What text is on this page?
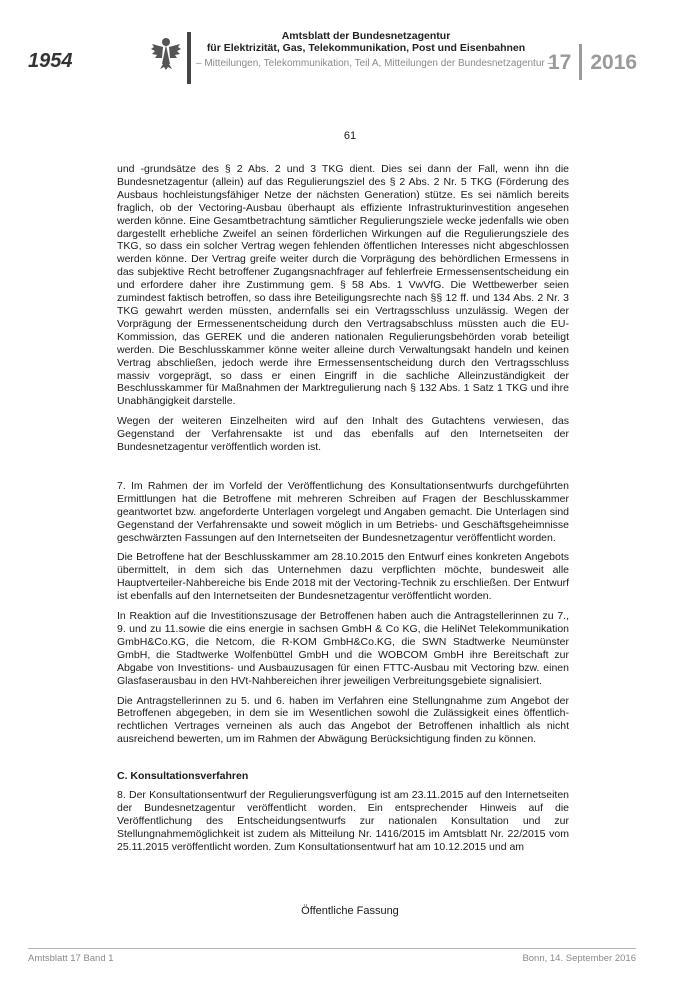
1954
Amtsblatt der Bundesnetzagentur
für Elektrizität, Gas, Telekommunikation, Post und Eisenbahnen
– Mitteilungen, Telekommunikation, Teil A, Mitteilungen der Bundesnetzagentur –
17 2016
61

und -grundsätze des § 2 Abs. 2 und 3 TKG dient. Dies sei dann der Fall, wenn ihn die Bundesnetzagentur (allein) auf das Regulierungsziel des § 2 Abs. 2 Nr. 5 TKG (Förderung des Ausbaus hochleistungsfähiger Netze der nächsten Generation) stütze. Es sei nämlich bereits fraglich, ob der Vectoring-Ausbau überhaupt als effiziente Infrastrukturinvestition angesehen werden könne. Eine Gesamtbetrachtung sämtlicher Regulierungsziele wecke jedenfalls wie oben dargestellt erhebliche Zweifel an seinen förderlichen Wirkungen auf die Regulierungsziele des TKG, so dass ein solcher Vertrag wegen fehlenden öffentlichen Interesses nicht abgeschlossen werden könne. Der Vertrag greife weiter durch die Vorprägung des behördlichen Ermessens in das subjektive Recht betroffener Zugangsnachfrager auf fehlerfreie Ermessensentscheidung ein und erfordere daher ihre Zustimmung gem. § 58 Abs. 1 VwVfG. Die Wettbewerber seien zumindest faktisch betroffen, so dass ihre Beteiligungsrechte nach §§ 12 ff. und 134 Abs. 2 Nr. 3 TKG gewahrt werden müssten, andernfalls sei ein Vertragsschluss unzulässig. Wegen der Vorprägung der Ermessenentscheidung durch den Vertragsabschluss müssten auch die EU-Kommission, das GEREK und die anderen nationalen Regulierungsbehörden vorab beteiligt werden. Die Beschlusskammer könne weiter alleine durch Verwaltungsakt handeln und keinen Vertrag abschließen, jedoch werde ihre Ermessensentscheidung durch den Vertragsschluss massiv vorgeprägt, so dass er einen Eingriff in die sachliche Alleinzuständigkeit der Beschlusskammer für Maßnahmen der Marktregulierung nach § 132 Abs. 1 Satz 1 TKG und ihre Unabhängigkeit darstelle.

Wegen der weiteren Einzelheiten wird auf den Inhalt des Gutachtens verwiesen, das Gegenstand der Verfahrensakte ist und das ebenfalls auf den Internetseiten der Bundesnetzagentur veröffentlich worden ist.

7. Im Rahmen der im Vorfeld der Veröffentlichung des Konsultationsentwurfs durchgeführten Ermittlungen hat die Betroffene mit mehreren Schreiben auf Fragen der Beschlusskammer geantwortet bzw. angeforderte Unterlagen vorgelegt und Angaben gemacht. Die Unterlagen sind Gegenstand der Verfahrensakte und soweit möglich in um Betriebs- und Geschäftsgeheimnisse geschwärzten Fassungen auf den Internetseiten der Bundesnetzagentur veröffentlicht worden.

Die Betroffene hat der Beschlusskammer am 28.10.2015 den Entwurf eines konkreten Angebots übermittelt, in dem sich das Unternehmen dazu verpflichten möchte, bundesweit alle Hauptverteiler-Nahbereiche bis Ende 2018 mit der Vectoring-Technik zu erschließen. Der Entwurf ist ebenfalls auf den Internetseiten der Bundesnetzagentur veröffentlicht worden.

In Reaktion auf die Investitionszusage der Betroffenen haben auch die Antragstellerinnen zu 7., 9. und zu 11.sowie die eins energie in sachsen GmbH & Co KG, die HeliNet Telekommunikation GmbH&Co.KG, die Netcom, die R-KOM GmbH&Co.KG, die SWN Stadtwerke Neumünster GmbH, die Stadtwerke Wolfenbüttel GmbH und die WOBCOM GmbH ihre Bereitschaft zur Abgabe von Investitions- und Ausbauzusagen für einen FTTC-Ausbau mit Vectoring bzw. einen Glasfaserausbau in den HVt-Nahbereichen ihrer jeweiligen Verbreitungsgebiete signalisiert.

Die Antragstellerinnen zu 5. und 6. haben im Verfahren eine Stellungnahme zum Angebot der Betroffenen abgegeben, in dem sie im Wesentlichen sowohl die Zulässigkeit eines öffentlich-rechtlichen Vertrages verneinen als auch das Angebot der Betroffenen inhaltlich als nicht ausreichend bewerten, um im Rahmen der Abwägung Berücksichtigung finden zu können.

C. Konsultationsverfahren

8. Der Konsultationsentwurf der Regulierungsverfügung ist am 23.11.2015 auf den Internetseiten der Bundesnetzagentur veröffentlicht worden. Ein entsprechender Hinweis auf die Veröffentlichung des Entscheidungsentwurfs zur nationalen Konsultation und zur Stellungnahmemöglichkeit ist zudem als Mitteilung Nr. 1416/2015 im Amtsblatt Nr. 22/2015 vom 25.11.2015 veröffentlicht worden. Zum Konsultationsentwurf hat am 10.12.2015 und am

Öffentliche Fassung
Amtsblatt 17 Band 1	Bonn, 14. September 2016
